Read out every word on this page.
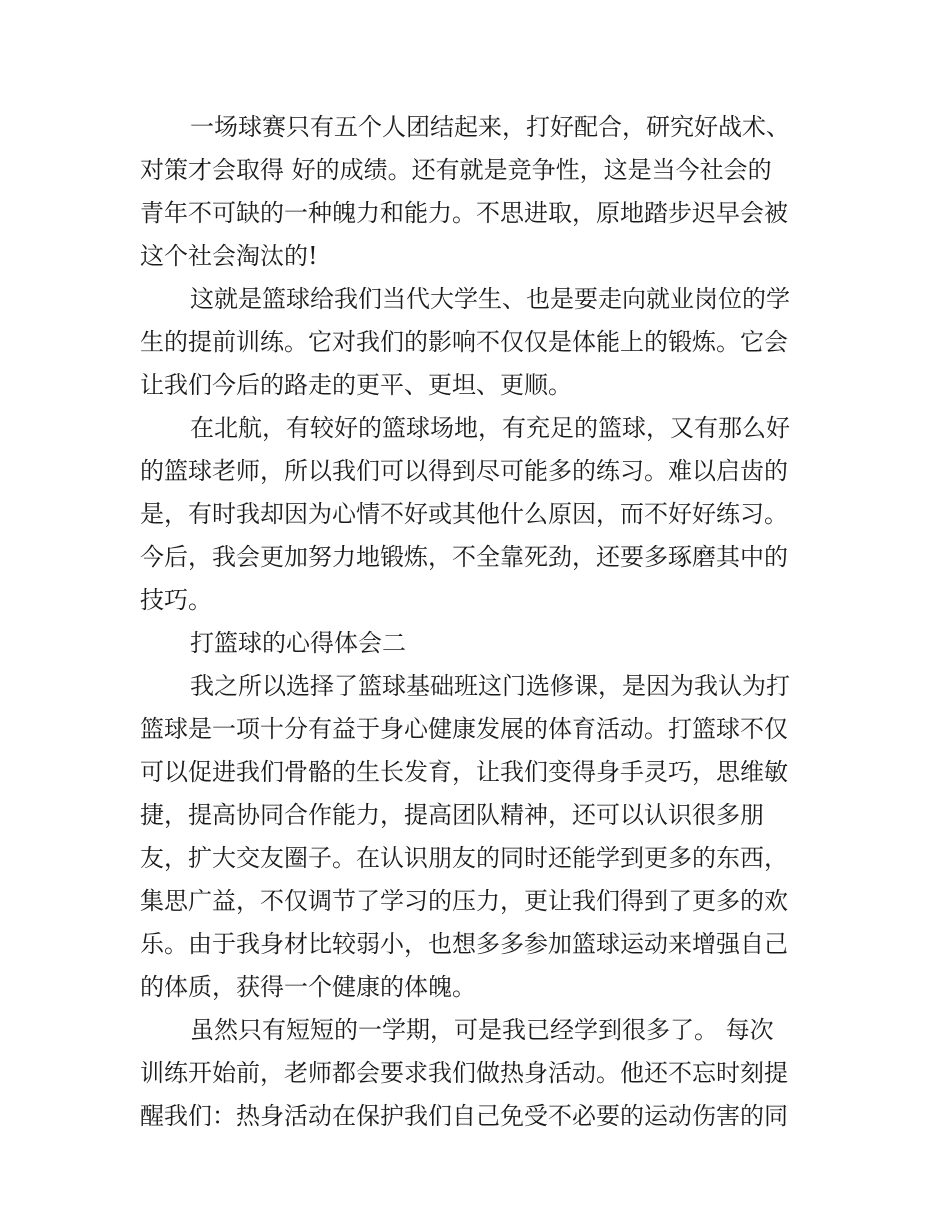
一场球赛只有五个人团结起来，打好配合，研究好战术、
对策才会取得 好的成绩。还有就是竞争性，这是当今社会的
青年不可缺的一种魄力和能力。不思进取，原地踏步迟早会被
这个社会淘汰的!
这就是篮球给我们当代大学生、也是要走向就业岗位的学
生的提前训练。它对我们的影响不仅仅是体能上的锻炼。它会
让我们今后的路走的更平、更坦、更顺。
在北航，有较好的篮球场地，有充足的篮球，又有那么好
的篮球老师，所以我们可以得到尽可能多的练习。难以启齿的
是，有时我却因为心情不好或其他什么原因，而不好好练习。
今后，我会更加努力地锻炼，不全靠死劲，还要多琢磨其中的
技巧。
打篮球的心得体会二
我之所以选择了篮球基础班这门选修课，是因为我认为打
篮球是一项十分有益于身心健康发展的体育活动。打篮球不仅
可以促进我们骨骼的生长发育，让我们变得身手灵巧，思维敏
捷，提高协同合作能力，提高团队精神，还可以认识很多朋
友，扩大交友圈子。在认识朋友的同时还能学到更多的东西，
集思广益，不仅调节了学习的压力，更让我们得到了更多的欢
乐。由于我身材比较弱小，也想多多参加篮球运动来增强自己
的体质，获得一个健康的体魄。
虽然只有短短的一学期，可是我已经学到很多了。 每次
训练开始前，老师都会要求我们做热身活动。他还不忘时刻提
醒我们：热身活动在保护我们自己免受不必要的运动伤害的同
